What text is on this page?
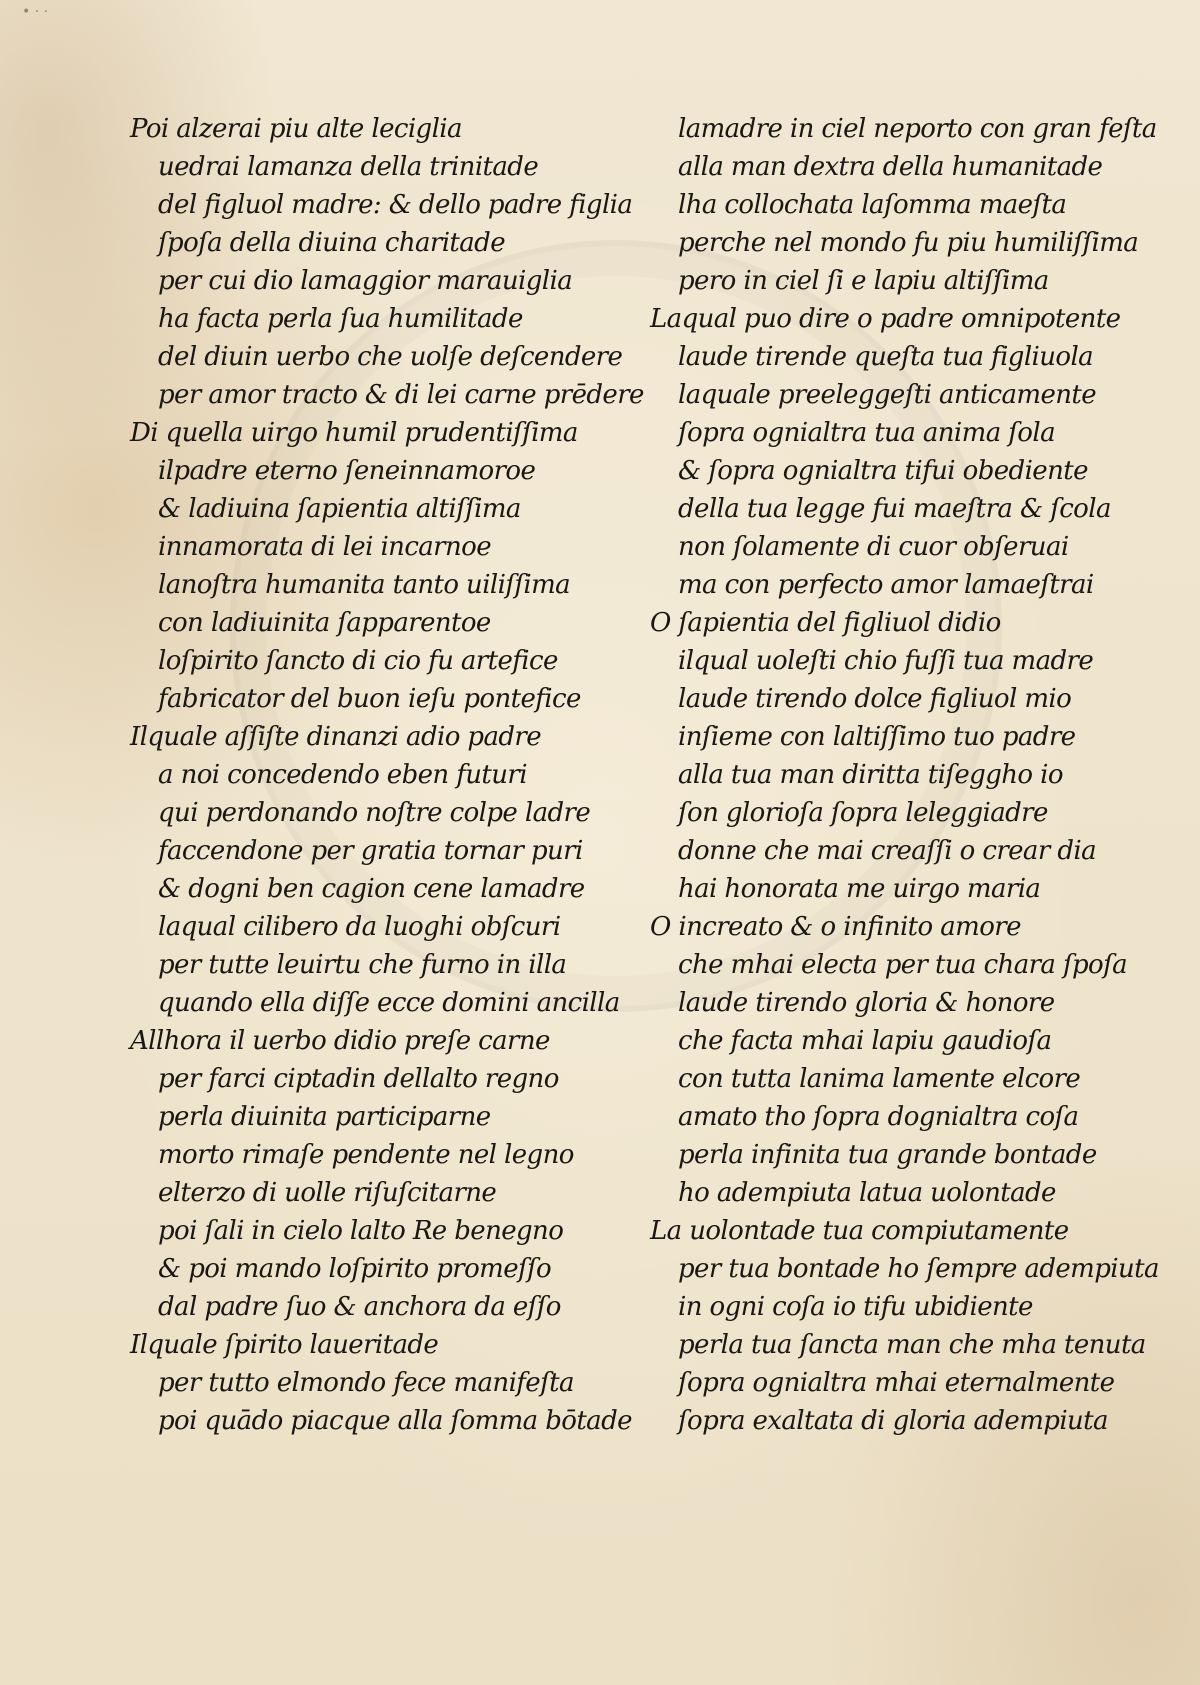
• · ·
Poi alzerai piu alte leciglia
uedrai lamanza della trinitade
del figluol madre: & dello padre figlia
ſpoſa della diuina charitade
per cui dio lamaggior marauiglia
ha facta perla ſua humilitade
del diuin uerbo che uolſe deſcendere
per amor tracto & di lei carne prēdere
Di quella uirgo humil prudentiſſima
ilpadre eterno ſeneinnamoroe
& ladiuina ſapientia altiſſima
innamorata di lei incarnoe
lanoſtra humanita tanto uiliſſima
con ladiuinita ſapparentoe
loſpirito ſancto di cio fu artefice
fabricator del buon ieſu pontefice
Ilquale aſſiſte dinanzi adio padre
a noi concedendo eben futuri
qui perdonando noſtre colpe ladre
faccendone per gratia tornar puri
& dogni ben cagion cene lamadre
laqual cilibero da luoghi obſcuri
per tutte leuirtu che furno in illa
quando ella diſſe ecce domini ancilla
Allhora il uerbo didio preſe carne
per farci ciptadin dellalto regno
perla diuinita participarne
morto rimaſe pendente nel legno
elterzo di uolle riſuſcitarne
poi ſali in cielo lalto Re benegno
& poi mando loſpirito promeſſo
dal padre ſuo & anchora da eſſo
Ilquale ſpirito laueritade
per tutto elmondo fece manifeſta
poi quādo piacque alla ſomma bōtade
lamadre in ciel neporto con gran feſta
alla man dextra della humanitade
lha collochata laſomma maeſta
perche nel mondo fu piu humiliſſima
pero in ciel ſi e lapiu altiſſima
Laqual puo dire o padre omnipotente
laude tirende queſta tua figliuola
laquale preeleggeſti anticamente
ſopra ognialtra tua anima ſola
& ſopra ognialtra tifui obediente
della tua legge fui maeſtra & ſcola
non ſolamente di cuor obſeruai
ma con perfecto amor lamaeſtrai
O ſapientia del figliuol didio
ilqual uoleſti chio fuſſi tua madre
laude tirendo dolce figliuol mio
inſieme con laltiſſimo tuo padre
alla tua man diritta tiſeggho io
ſon glorioſa ſopra leleggiadre
donne che mai creaſſi o crear dia
hai honorata me uirgo maria
O increato & o infinito amore
che mhai electa per tua chara ſpoſa
laude tirendo gloria & honore
che facta mhai lapiu gaudioſa
con tutta lanima lamente elcore
amato tho ſopra dognialtra coſa
perla infinita tua grande bontade
ho adempiuta latua uolontade
La uolontade tua compiutamente
per tua bontade ho ſempre adempiuta
in ogni coſa io tifu ubidiente
perla tua ſancta man che mha tenuta
ſopra ognialtra mhai eternalmente
ſopra exaltata di gloria adempiuta
